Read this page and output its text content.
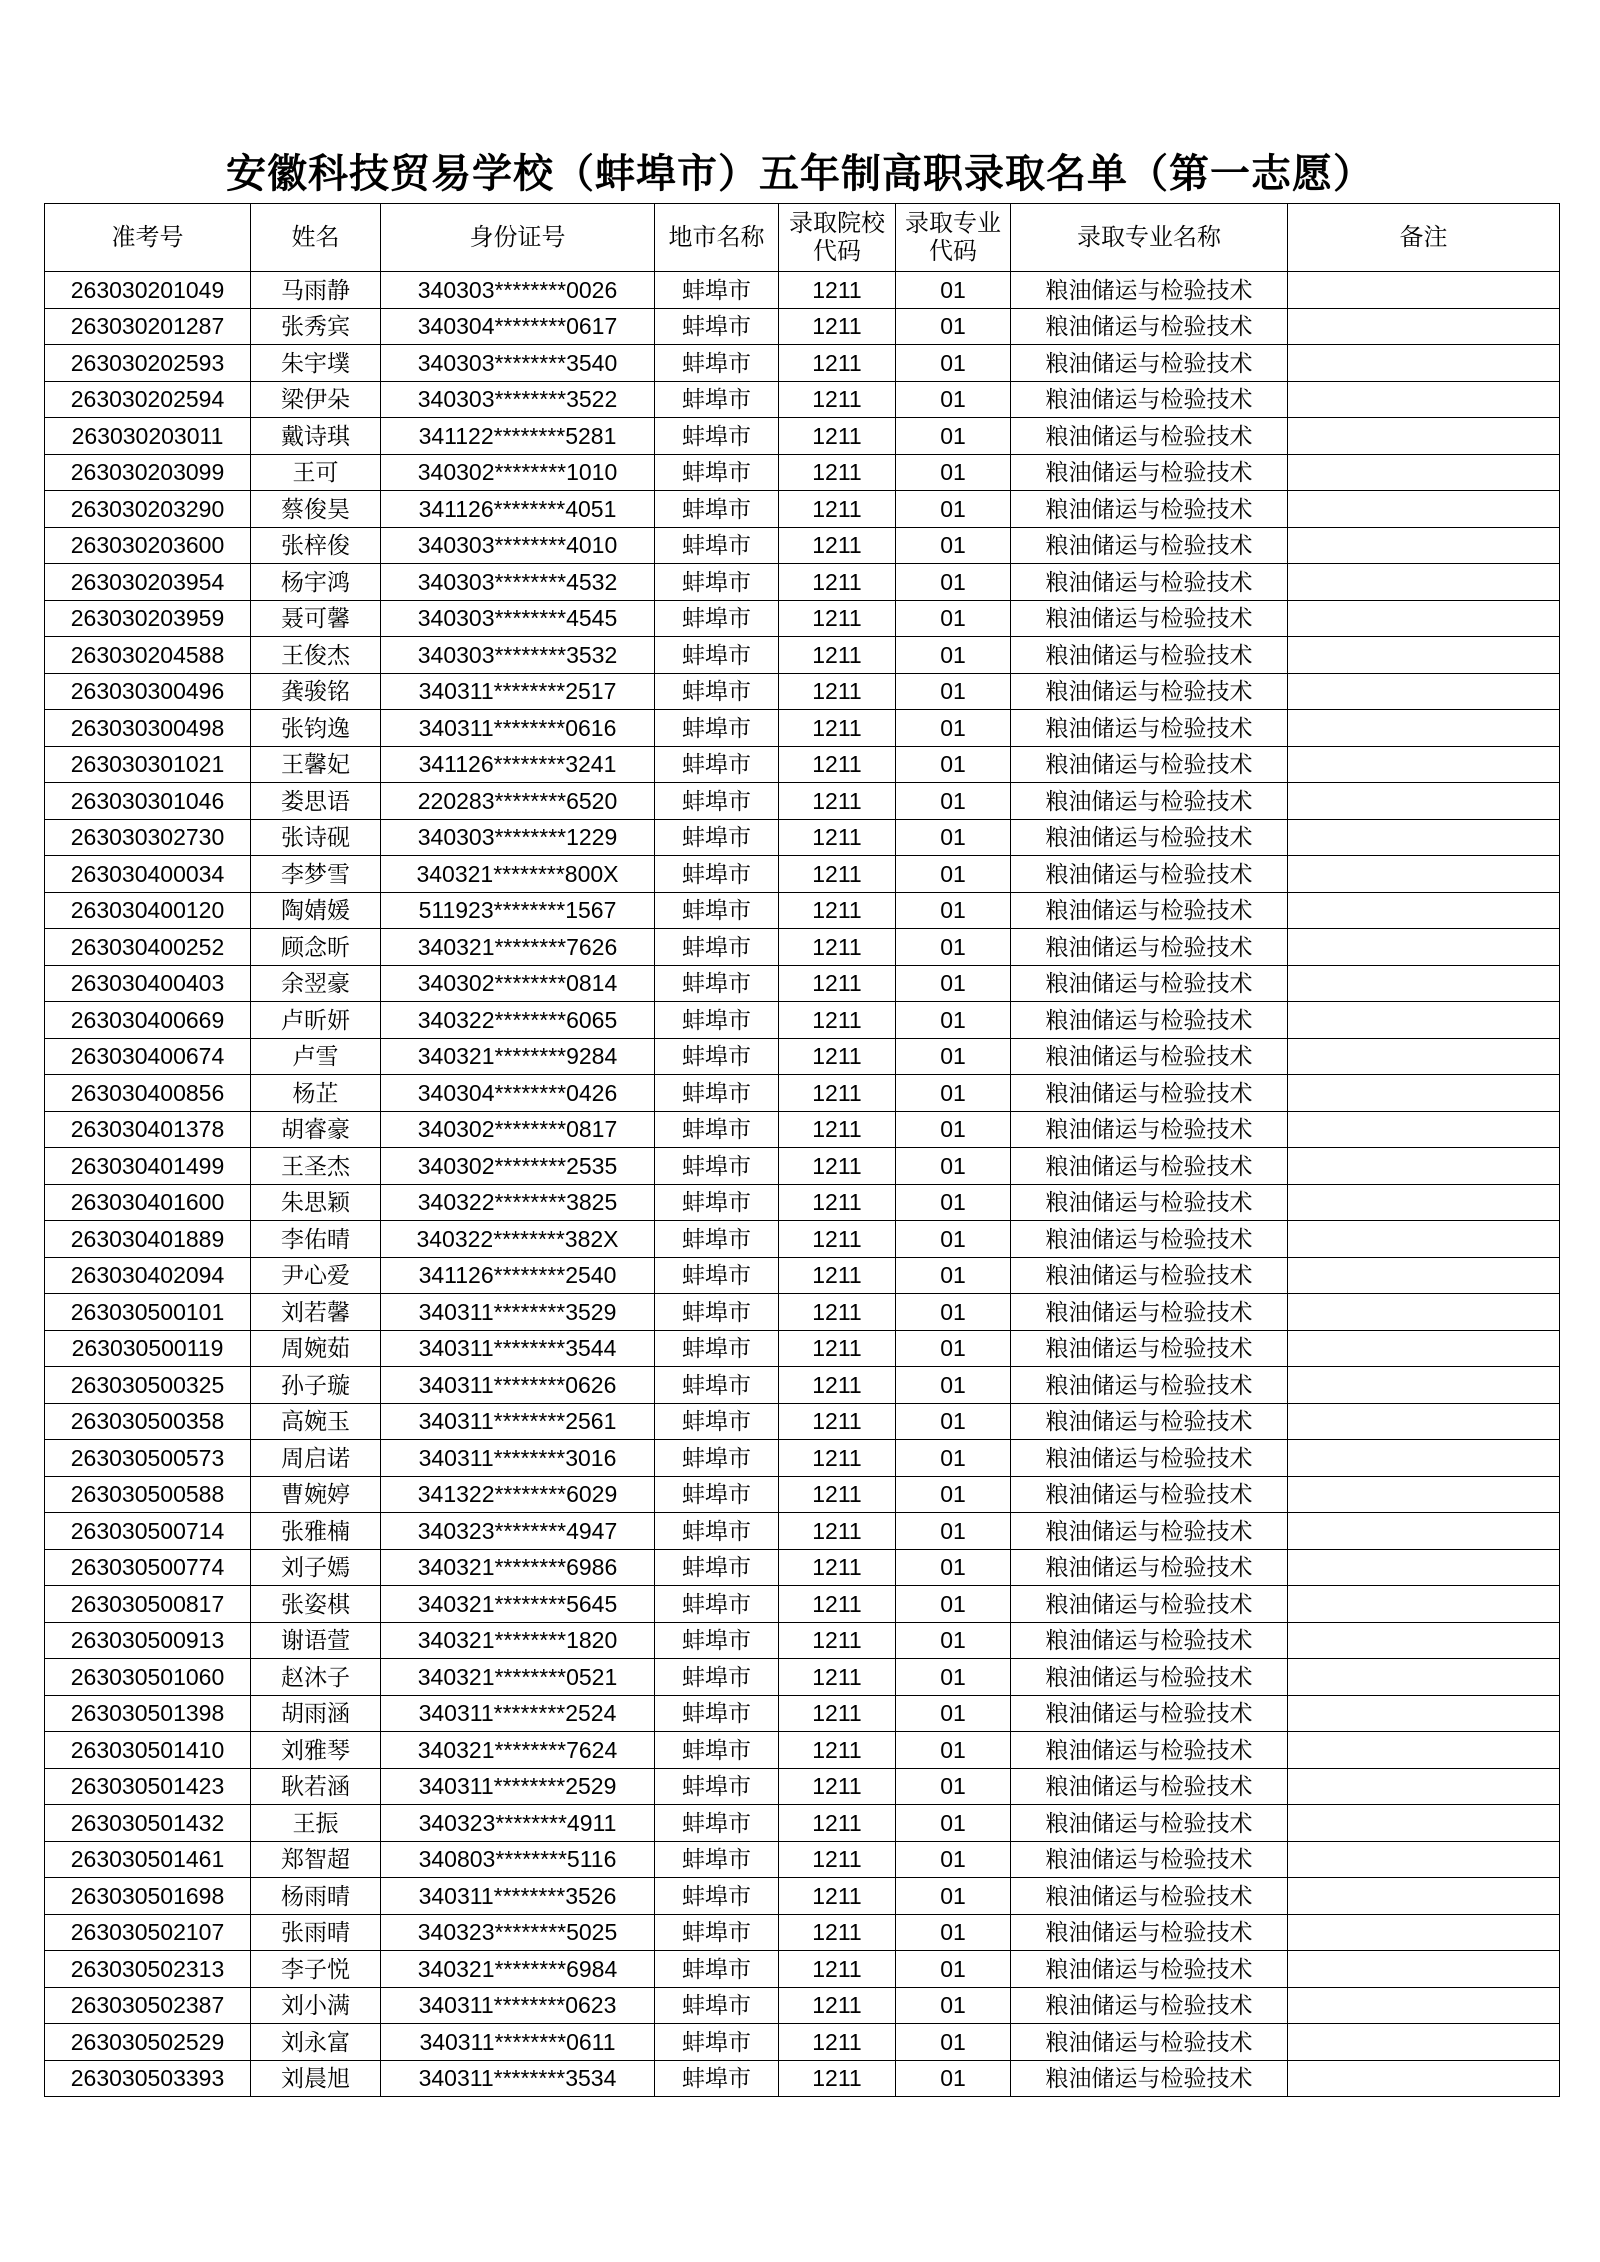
安徽科技贸易学校（蚌埠市）五年制高职录取名单（第一志愿）
准考号	姓名	身份证号	地市名称	录取院校代码	录取专业代码	录取专业名称	备注
263030201049	马雨静	340303********0026	蚌埠市	1211	01	粮油储运与检验技术	
263030201287	张秀宾	340304********0617	蚌埠市	1211	01	粮油储运与检验技术	
263030202593	朱宇墣	340303********3540	蚌埠市	1211	01	粮油储运与检验技术	
263030202594	梁伊朵	340303********3522	蚌埠市	1211	01	粮油储运与检验技术	
263030203011	戴诗琪	341122********5281	蚌埠市	1211	01	粮油储运与检验技术	
263030203099	王可	340302********1010	蚌埠市	1211	01	粮油储运与检验技术	
263030203290	蔡俊昊	341126********4051	蚌埠市	1211	01	粮油储运与检验技术	
263030203600	张梓俊	340303********4010	蚌埠市	1211	01	粮油储运与检验技术	
263030203954	杨宇鸿	340303********4532	蚌埠市	1211	01	粮油储运与检验技术	
263030203959	聂可馨	340303********4545	蚌埠市	1211	01	粮油储运与检验技术	
263030204588	王俊杰	340303********3532	蚌埠市	1211	01	粮油储运与检验技术	
263030300496	龚骏铭	340311********2517	蚌埠市	1211	01	粮油储运与检验技术	
263030300498	张钧逸	340311********0616	蚌埠市	1211	01	粮油储运与检验技术	
263030301021	王馨妃	341126********3241	蚌埠市	1211	01	粮油储运与检验技术	
263030301046	娄思语	220283********6520	蚌埠市	1211	01	粮油储运与检验技术	
263030302730	张诗砚	340303********1229	蚌埠市	1211	01	粮油储运与检验技术	
263030400034	李梦雪	340321********800X	蚌埠市	1211	01	粮油储运与检验技术	
263030400120	陶婧媛	511923********1567	蚌埠市	1211	01	粮油储运与检验技术	
263030400252	顾念昕	340321********7626	蚌埠市	1211	01	粮油储运与检验技术	
263030400403	余翌豪	340302********0814	蚌埠市	1211	01	粮油储运与检验技术	
263030400669	卢昕妍	340322********6065	蚌埠市	1211	01	粮油储运与检验技术	
263030400674	卢雪	340321********9284	蚌埠市	1211	01	粮油储运与检验技术	
263030400856	杨芷	340304********0426	蚌埠市	1211	01	粮油储运与检验技术	
263030401378	胡睿豪	340302********0817	蚌埠市	1211	01	粮油储运与检验技术	
263030401499	王圣杰	340302********2535	蚌埠市	1211	01	粮油储运与检验技术	
263030401600	朱思颖	340322********3825	蚌埠市	1211	01	粮油储运与检验技术	
263030401889	李佑晴	340322********382X	蚌埠市	1211	01	粮油储运与检验技术	
263030402094	尹心爱	341126********2540	蚌埠市	1211	01	粮油储运与检验技术	
263030500101	刘若馨	340311********3529	蚌埠市	1211	01	粮油储运与检验技术	
263030500119	周婉茹	340311********3544	蚌埠市	1211	01	粮油储运与检验技术	
263030500325	孙子璇	340311********0626	蚌埠市	1211	01	粮油储运与检验技术	
263030500358	高婉玉	340311********2561	蚌埠市	1211	01	粮油储运与检验技术	
263030500573	周启诺	340311********3016	蚌埠市	1211	01	粮油储运与检验技术	
263030500588	曹婉婷	341322********6029	蚌埠市	1211	01	粮油储运与检验技术	
263030500714	张雅楠	340323********4947	蚌埠市	1211	01	粮油储运与检验技术	
263030500774	刘子嫣	340321********6986	蚌埠市	1211	01	粮油储运与检验技术	
263030500817	张姿棋	340321********5645	蚌埠市	1211	01	粮油储运与检验技术	
263030500913	谢语萱	340321********1820	蚌埠市	1211	01	粮油储运与检验技术	
263030501060	赵沐子	340321********0521	蚌埠市	1211	01	粮油储运与检验技术	
263030501398	胡雨涵	340311********2524	蚌埠市	1211	01	粮油储运与检验技术	
263030501410	刘雅琴	340321********7624	蚌埠市	1211	01	粮油储运与检验技术	
263030501423	耿若涵	340311********2529	蚌埠市	1211	01	粮油储运与检验技术	
263030501432	王振	340323********4911	蚌埠市	1211	01	粮油储运与检验技术	
263030501461	郑智超	340803********5116	蚌埠市	1211	01	粮油储运与检验技术	
263030501698	杨雨晴	340311********3526	蚌埠市	1211	01	粮油储运与检验技术	
263030502107	张雨晴	340323********5025	蚌埠市	1211	01	粮油储运与检验技术	
263030502313	李子悦	340321********6984	蚌埠市	1211	01	粮油储运与检验技术	
263030502387	刘小满	340311********0623	蚌埠市	1211	01	粮油储运与检验技术	
263030502529	刘永富	340311********0611	蚌埠市	1211	01	粮油储运与检验技术	
263030503393	刘晨旭	340311********3534	蚌埠市	1211	01	粮油储运与检验技术	
